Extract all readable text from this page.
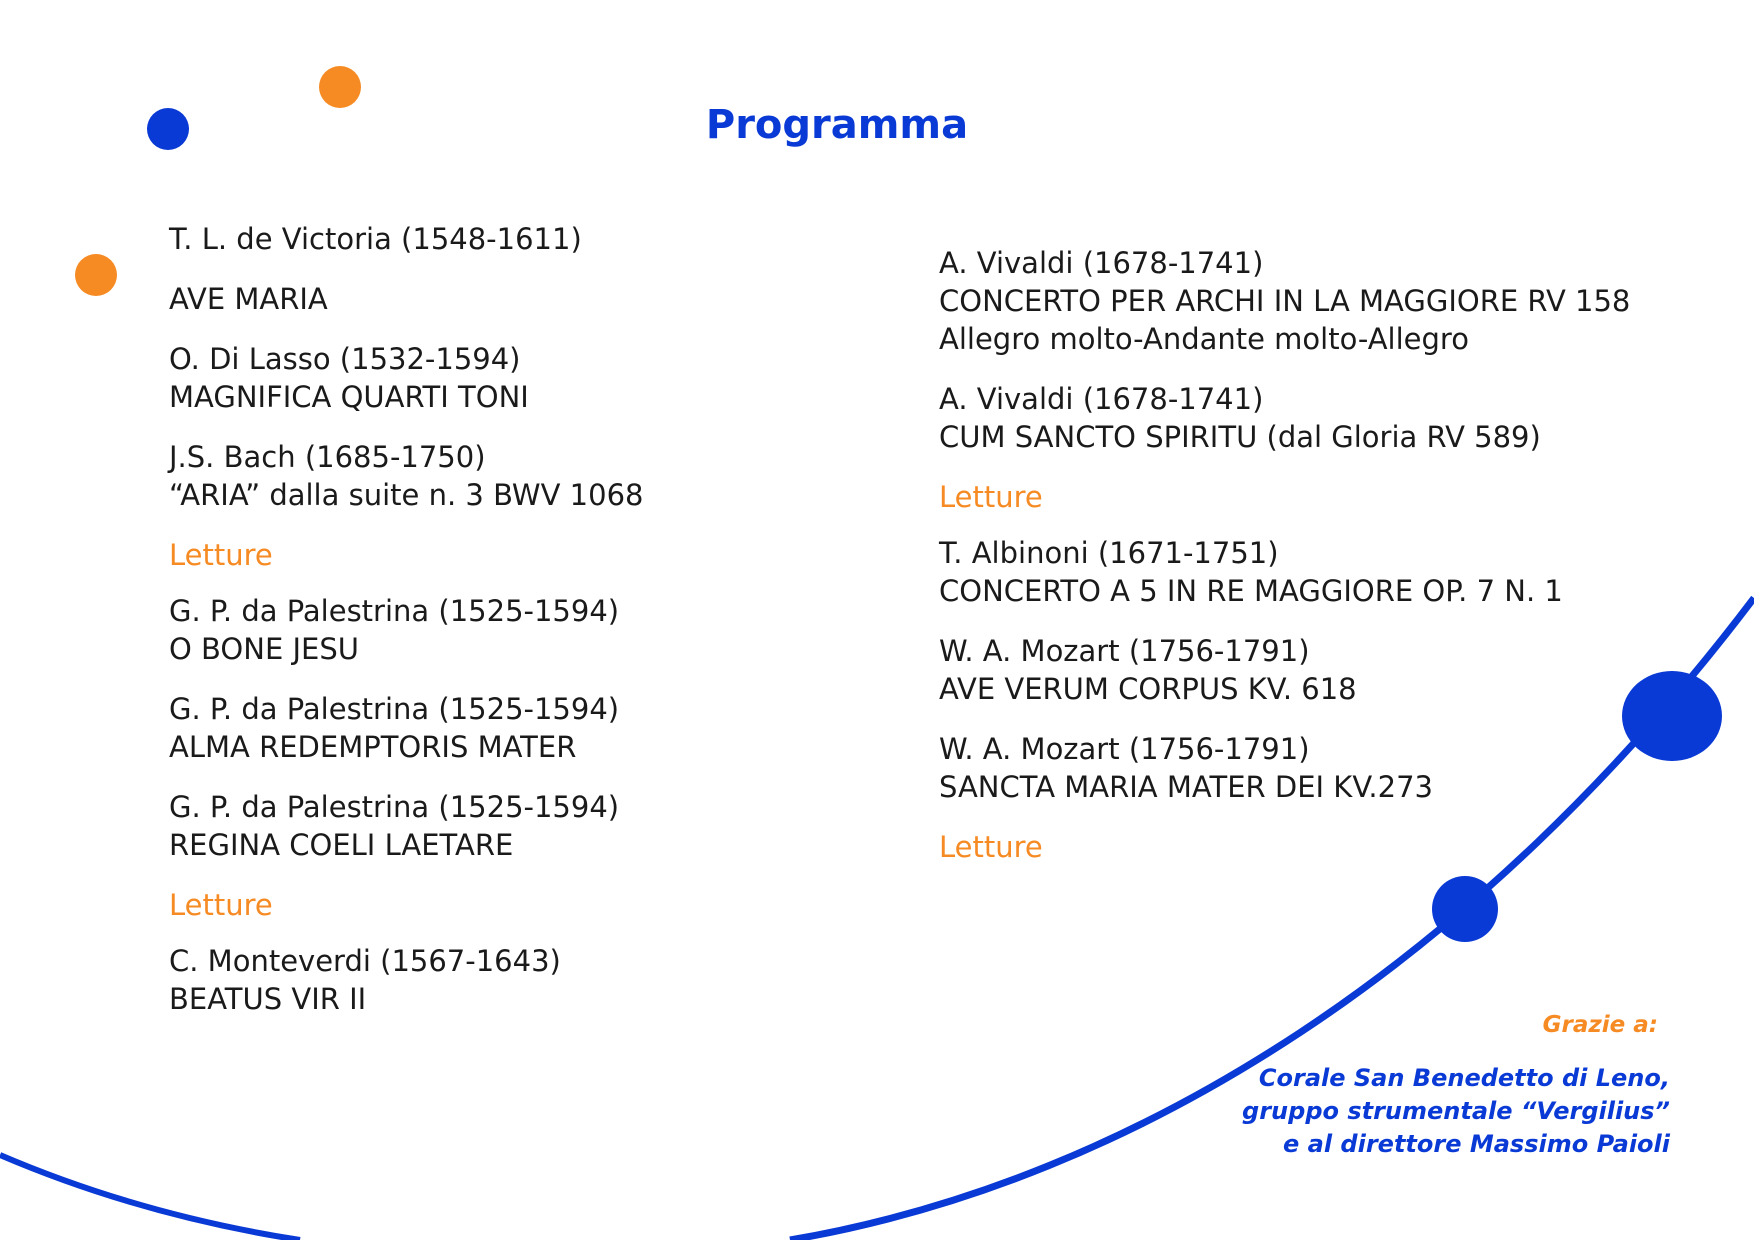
Programma
T. L. de Victoria (1548-1611)
AVE MARIA
O. Di Lasso (1532-1594)
MAGNIFICA QUARTI TONI
J.S. Bach (1685-1750)
“ARIA” dalla suite n. 3 BWV 1068
Letture
G. P. da Palestrina (1525-1594)
O BONE JESU
G. P. da Palestrina (1525-1594)
ALMA REDEMPTORIS MATER
G. P. da Palestrina (1525-1594)
REGINA COELI LAETARE
Letture
C. Monteverdi (1567-1643)
BEATUS VIR II
A. Vivaldi (1678-1741)
CONCERTO PER ARCHI IN LA MAGGIORE RV 158
Allegro molto-Andante molto-Allegro
A. Vivaldi (1678-1741)
CUM SANCTO SPIRITU (dal Gloria RV 589)
Letture
T. Albinoni (1671-1751)
CONCERTO A 5 IN RE MAGGIORE OP. 7 N. 1
W. A. Mozart (1756-1791)
AVE VERUM CORPUS KV. 618
W. A. Mozart (1756-1791)
SANCTA MARIA MATER DEI KV.273
Letture
Grazie a:
Corale San Benedetto di Leno,
gruppo strumentale “Vergilius”
e al direttore Massimo Paioli
